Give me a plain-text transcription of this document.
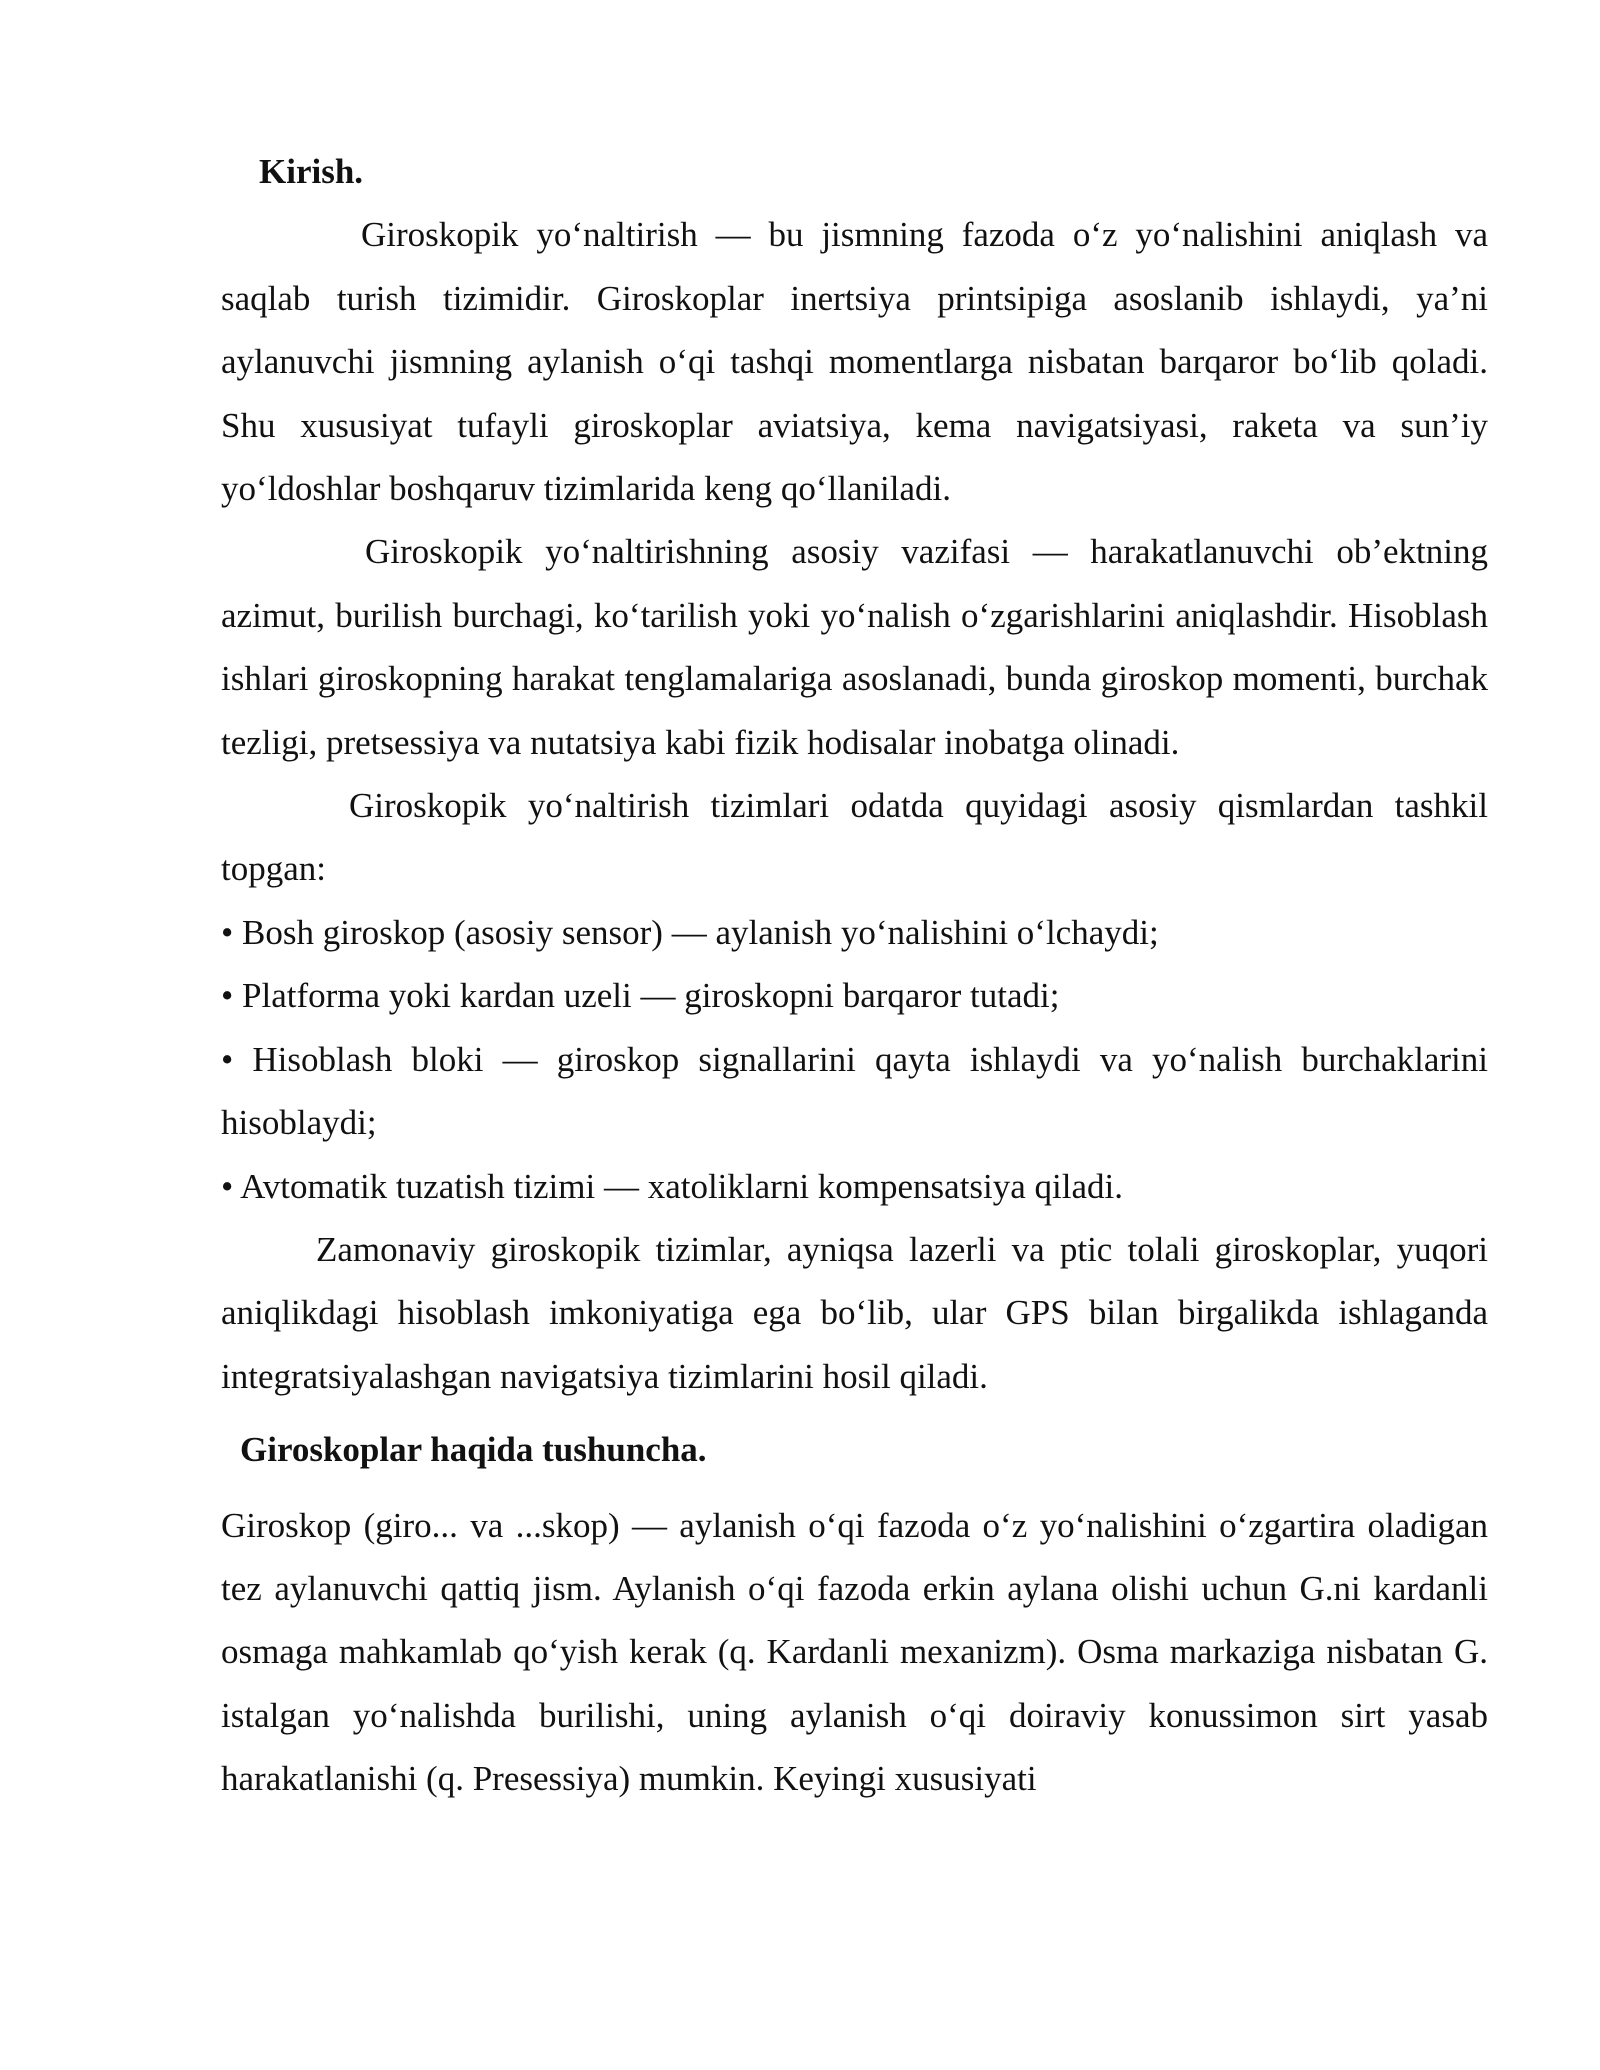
Kirish.

Giroskopik yo‘naltirish — bu jismning fazoda o‘z yo‘nalishini aniqlash va saqlab turish tizimidir. Giroskoplar inertsiya printsipiga asoslanib ishlaydi, ya’ni aylanuvchi jismning aylanish o‘qi tashqi momentlarga nisbatan barqaror bo‘lib qoladi. Shu xususiyat tufayli giroskoplar aviatsiya, kema navigatsiyasi, raketa va sun’iy yo‘ldoshlar boshqaruv tizimlarida keng qo‘llaniladi.

Giroskopik yo‘naltirishning asosiy vazifasi — harakatlanuvchi ob’ektning azimut, burilish burchagi, ko‘tarilish yoki yo‘nalish o‘zgarishlarini aniqlashdir. Hisoblash ishlari giroskopning harakat tenglamalariga asoslanadi, bunda giroskop momenti, burchak tezligi, pretsessiya va nutatsiya kabi fizik hodisalar inobatga olinadi.

Giroskopik yo‘naltirish tizimlari odatda quyidagi asosiy qismlardan tashkil topgan:

• Bosh giroskop (asosiy sensor) — aylanish yo‘nalishini o‘lchaydi;

• Platforma yoki kardan uzeli — giroskopni barqaror tutadi;

• Hisoblash bloki — giroskop signallarini qayta ishlaydi va yo‘nalish burchaklarini hisoblaydi;

• Avtomatik tuzatish tizimi — xatoliklarni kompensatsiya qiladi.

Zamonaviy giroskopik tizimlar, ayniqsa lazerli va ptic tolali giroskoplar, yuqori aniqlikdagi hisoblash imkoniyatiga ega bo‘lib, ular GPS bilan birgalikda ishlaganda integratsiyalashgan navigatsiya tizimlarini hosil qiladi.

Giroskoplar haqida tushuncha.

Giroskop (giro... va ...skop) — aylanish o‘qi fazoda o‘z yo‘nalishini o‘zgartira oladigan tez aylanuvchi qattiq jism. Aylanish o‘qi fazoda erkin aylana olishi uchun G.ni kardanli osmaga mahkamlab qo‘yish kerak (q. Kardanli mexanizm). Osma markaziga nisbatan G. istalgan yo‘nalishda burilishi, uning aylanish o‘qi doiraviy konussimon sirt yasab harakatlanishi (q. Presessiya) mumkin. Keyingi xususiyati
